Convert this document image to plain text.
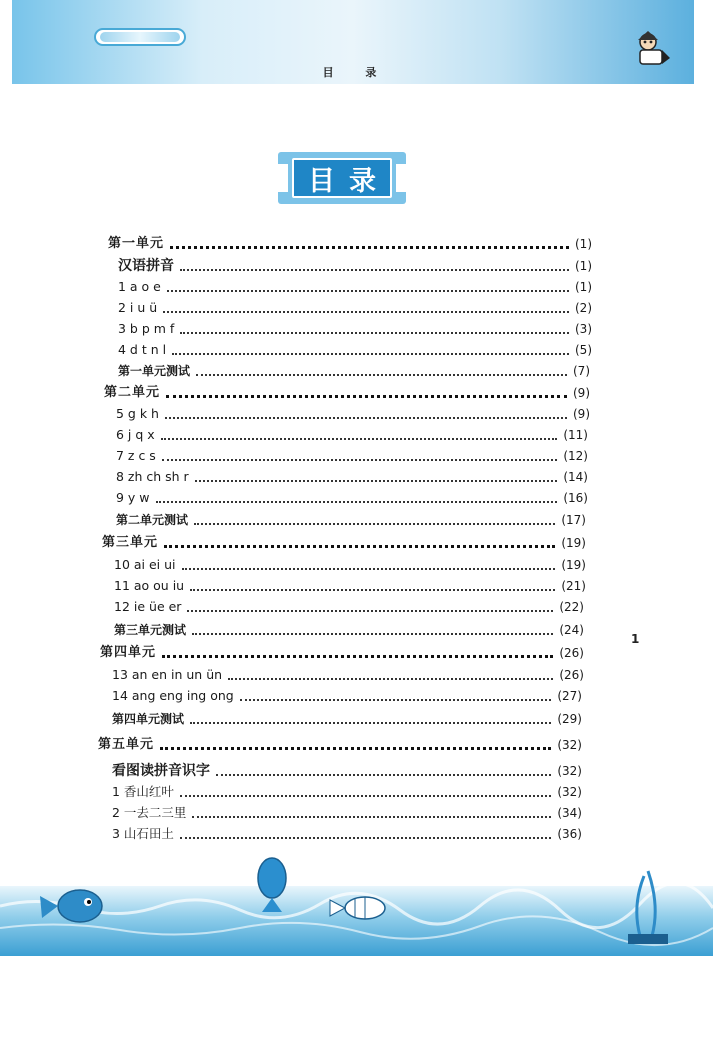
目 录
目录
第一单元	(1)
汉语拼音	(1)
1 a o e	(1)
2 i u ü	(2)
3 b p m f	(3)
4 d t n l	(5)
第一单元测试	(7)
第二单元	(9)
5 g k h	(9)
6 j q x	(11)
7 z c s	(12)
8 zh ch sh r	(14)
9 y w	(16)
第二单元测试	(17)
第三单元	(19)
10 ai ei ui	(19)
11 ao ou iu	(21)
12 ie üe er	(22)
第三单元测试	(24)
第四单元	(26)
13 an en in un ün	(26)
14 ang eng ing ong	(27)
第四单元测试	(29)
第五单元	(32)
看图读拼音识字	(32)
1 香山红叶	(32)
2 一去二三里	(34)
3 山石田土	(36)
1
